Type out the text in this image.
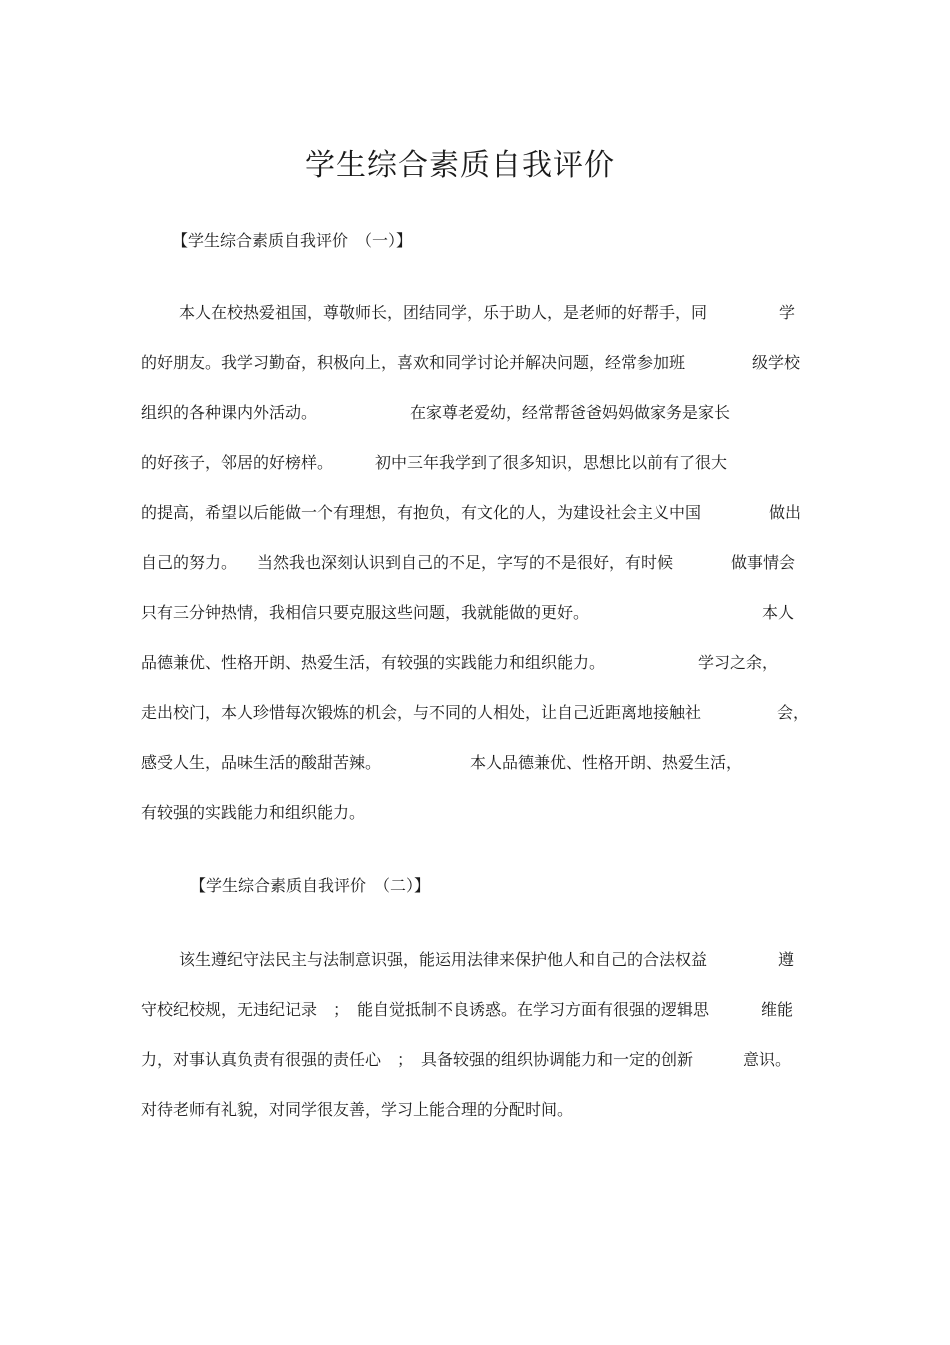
学生综合素质自我评价

【学生综合素质自我评价　（一）】

本人在校热爱祖国，尊敬师长，团结同学，乐于助人，是老师的好帮手，同	学
的好朋友。我学习勤奋，积极向上，喜欢和同学讨论并解决问题，经常参加班	级学校
组织的各种课内外活动。	在家尊老爱幼，经常帮爸爸妈妈做家务是家长
的好孩子，邻居的好榜样。	初中三年我学到了很多知识，思想比以前有了很大
的提高，希望以后能做一个有理想，有抱负，有文化的人，为建设社会主义中国	做出
自己的努力。 当然我也深刻认识到自己的不足，字写的不是很好，有时候	做事情会
只有三分钟热情，我相信只要克服这些问题，我就能做的更好。	本人
品德兼优、性格开朗、热爱生活，有较强的实践能力和组织能力。	学习之余，
走出校门，本人珍惜每次锻炼的机会，与不同的人相处，让自己近距离地接触社	会，
感受人生，品味生活的酸甜苦辣。	本人品德兼优、性格开朗、热爱生活，
有较强的实践能力和组织能力。

【学生综合素质自我评价　（二）】

该生遵纪守法民主与法制意识强，能运用法律来保护他人和自己的合法权益	遵
守校纪校规，无违纪记录　；　能自觉抵制不良诱惑。在学习方面有很强的逻辑思	维能
力，对事认真负责有很强的责任心　；　具备较强的组织协调能力和一定的创新	意识。
对待老师有礼貌，对同学很友善，学习上能合理的分配时间。
